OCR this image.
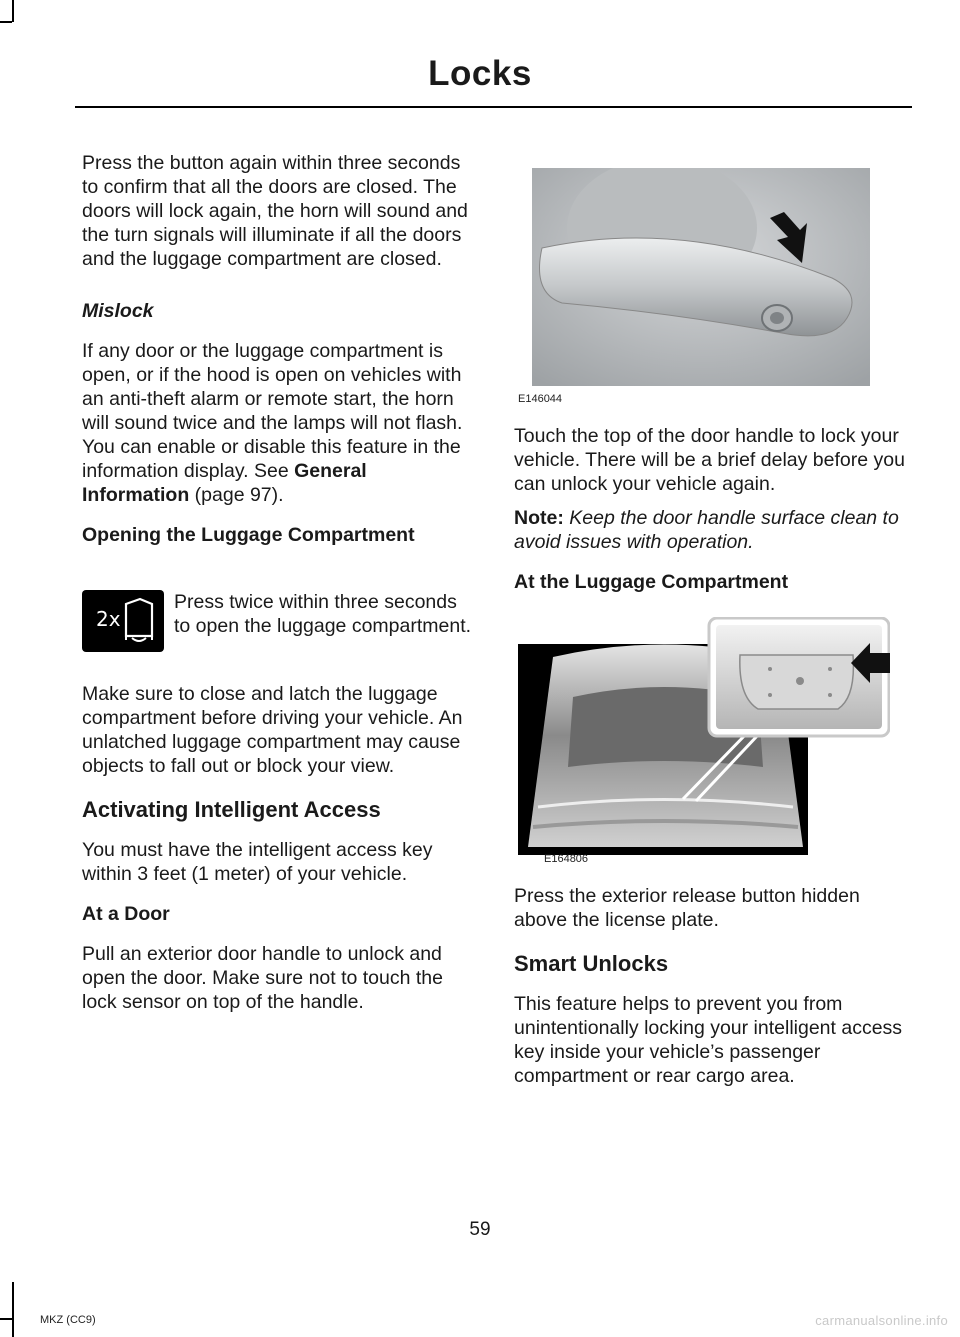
Locks

Press the button again within three seconds to confirm that all the doors are closed. The doors will lock again, the horn will sound and the turn signals will illuminate if all the doors and the luggage compartment are closed.

Mislock

If any door or the luggage compartment is open, or if the hood is open on vehicles with an anti-theft alarm or remote start, the horn will sound twice and the lamps will not flash. You can enable or disable this feature in the information display. See General Information (page 97).

Opening the Luggage Compartment

2x

Press twice within three seconds to open the luggage compartment.

Make sure to close and latch the luggage compartment before driving your vehicle. An unlatched luggage compartment may cause objects to fall out or block your view.

Activating Intelligent Access

You must have the intelligent access key within 3 feet (1 meter) of your vehicle.

At a Door

Pull an exterior door handle to unlock and open the door. Make sure not to touch the lock sensor on top of the handle.

E146044

Touch the top of the door handle to lock your vehicle. There will be a brief delay before you can unlock your vehicle again.

Note: Keep the door handle surface clean to avoid issues with operation.

At the Luggage Compartment

E164806

Press the exterior release button hidden above the license plate.

Smart Unlocks

This feature helps to prevent you from unintentionally locking your intelligent access key inside your vehicle’s passenger compartment or rear cargo area.

59
MKZ (CC9)	carmanualsonline.info
